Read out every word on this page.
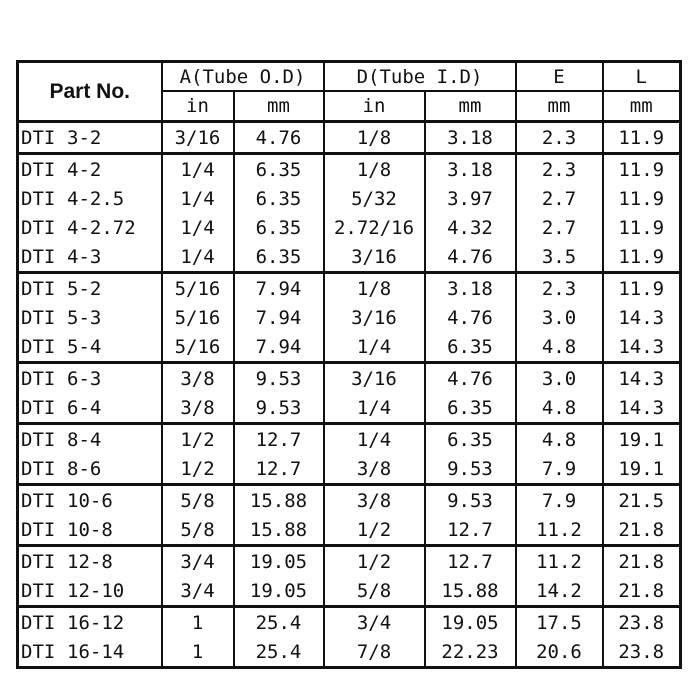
Part No.	A(Tube O.D)		D(Tube I.D)		E	L
	in	mm	in	mm	mm	mm
DTI 3-2	3/16	4.76	1/8	3.18	2.3	11.9
DTI 4-2	1/4	6.35	1/8	3.18	2.3	11.9
DTI 4-2.5	1/4	6.35	5/32	3.97	2.7	11.9
DTI 4-2.72	1/4	6.35	2.72/16	4.32	2.7	11.9
DTI 4-3	1/4	6.35	3/16	4.76	3.5	11.9
DTI 5-2	5/16	7.94	1/8	3.18	2.3	11.9
DTI 5-3	5/16	7.94	3/16	4.76	3.0	14.3
DTI 5-4	5/16	7.94	1/4	6.35	4.8	14.3
DTI 6-3	3/8	9.53	3/16	4.76	3.0	14.3
DTI 6-4	3/8	9.53	1/4	6.35	4.8	14.3
DTI 8-4	1/2	12.7	1/4	6.35	4.8	19.1
DTI 8-6	1/2	12.7	3/8	9.53	7.9	19.1
DTI 10-6	5/8	15.88	3/8	9.53	7.9	21.5
DTI 10-8	5/8	15.88	1/2	12.7	11.2	21.8
DTI 12-8	3/4	19.05	1/2	12.7	11.2	21.8
DTI 12-10	3/4	19.05	5/8	15.88	14.2	21.8
DTI 16-12	1	25.4	3/4	19.05	17.5	23.8
DTI 16-14	1	25.4	7/8	22.23	20.6	23.8
